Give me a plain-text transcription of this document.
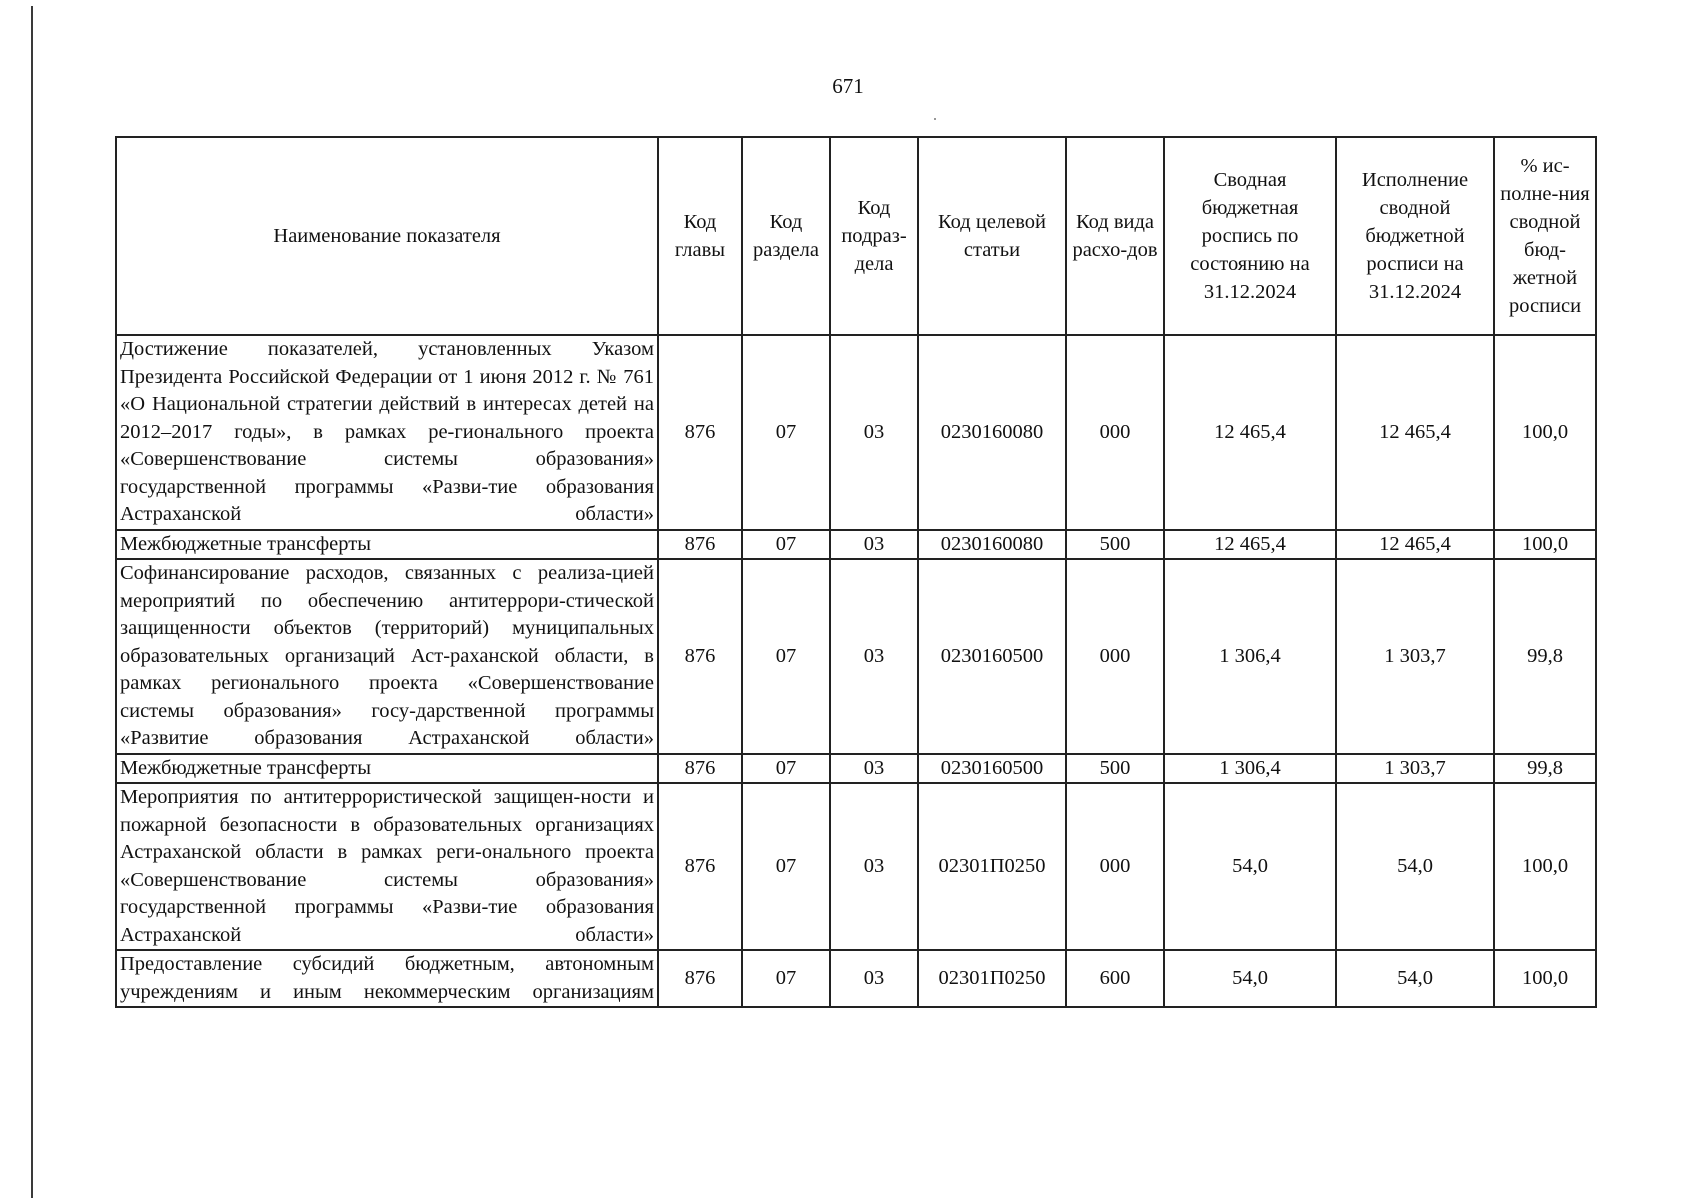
671
Наименование показателя	Код главы	Код раздела	Код подраз-дела	Код целевой статьи	Код вида расхо-дов	Сводная бюджетная роспись по состоянию на 31.12.2024	Исполнение сводной бюджетной росписи на 31.12.2024	% ис-полне-ния сводной бюд-жетной росписи
Достижение показателей, установленных Указом Президента Российской Федерации от 1 июня 2012 г. № 761 «О Национальной стратегии действий в интересах детей на 2012–2017 годы», в рамках ре-гионального проекта «Совершенствование системы образования» государственной программы «Разви-тие образования Астраханской области»	876	07	03	0230160080	000	12 465,4	12 465,4	100,0
Межбюджетные трансферты	876	07	03	0230160080	500	12 465,4	12 465,4	100,0
Софинансирование расходов, связанных с реализа-цией мероприятий по обеспечению антитеррори-стической защищенности объектов (территорий) муниципальных образовательных организаций Аст-раханской области, в рамках регионального проекта «Совершенствование системы образования» госу-дарственной программы «Развитие образования Астраханской области»	876	07	03	0230160500	000	1 306,4	1 303,7	99,8
Межбюджетные трансферты	876	07	03	0230160500	500	1 306,4	1 303,7	99,8
Мероприятия по антитеррористической защищен-ности и пожарной безопасности в образовательных организациях Астраханской области в рамках реги-онального проекта «Совершенствование системы образования» государственной программы «Разви-тие образования Астраханской области»	876	07	03	02301П0250	000	54,0	54,0	100,0
Предоставление субсидий бюджетным, автономным учреждениям и иным некоммерческим организациям	876	07	03	02301П0250	600	54,0	54,0	100,0
